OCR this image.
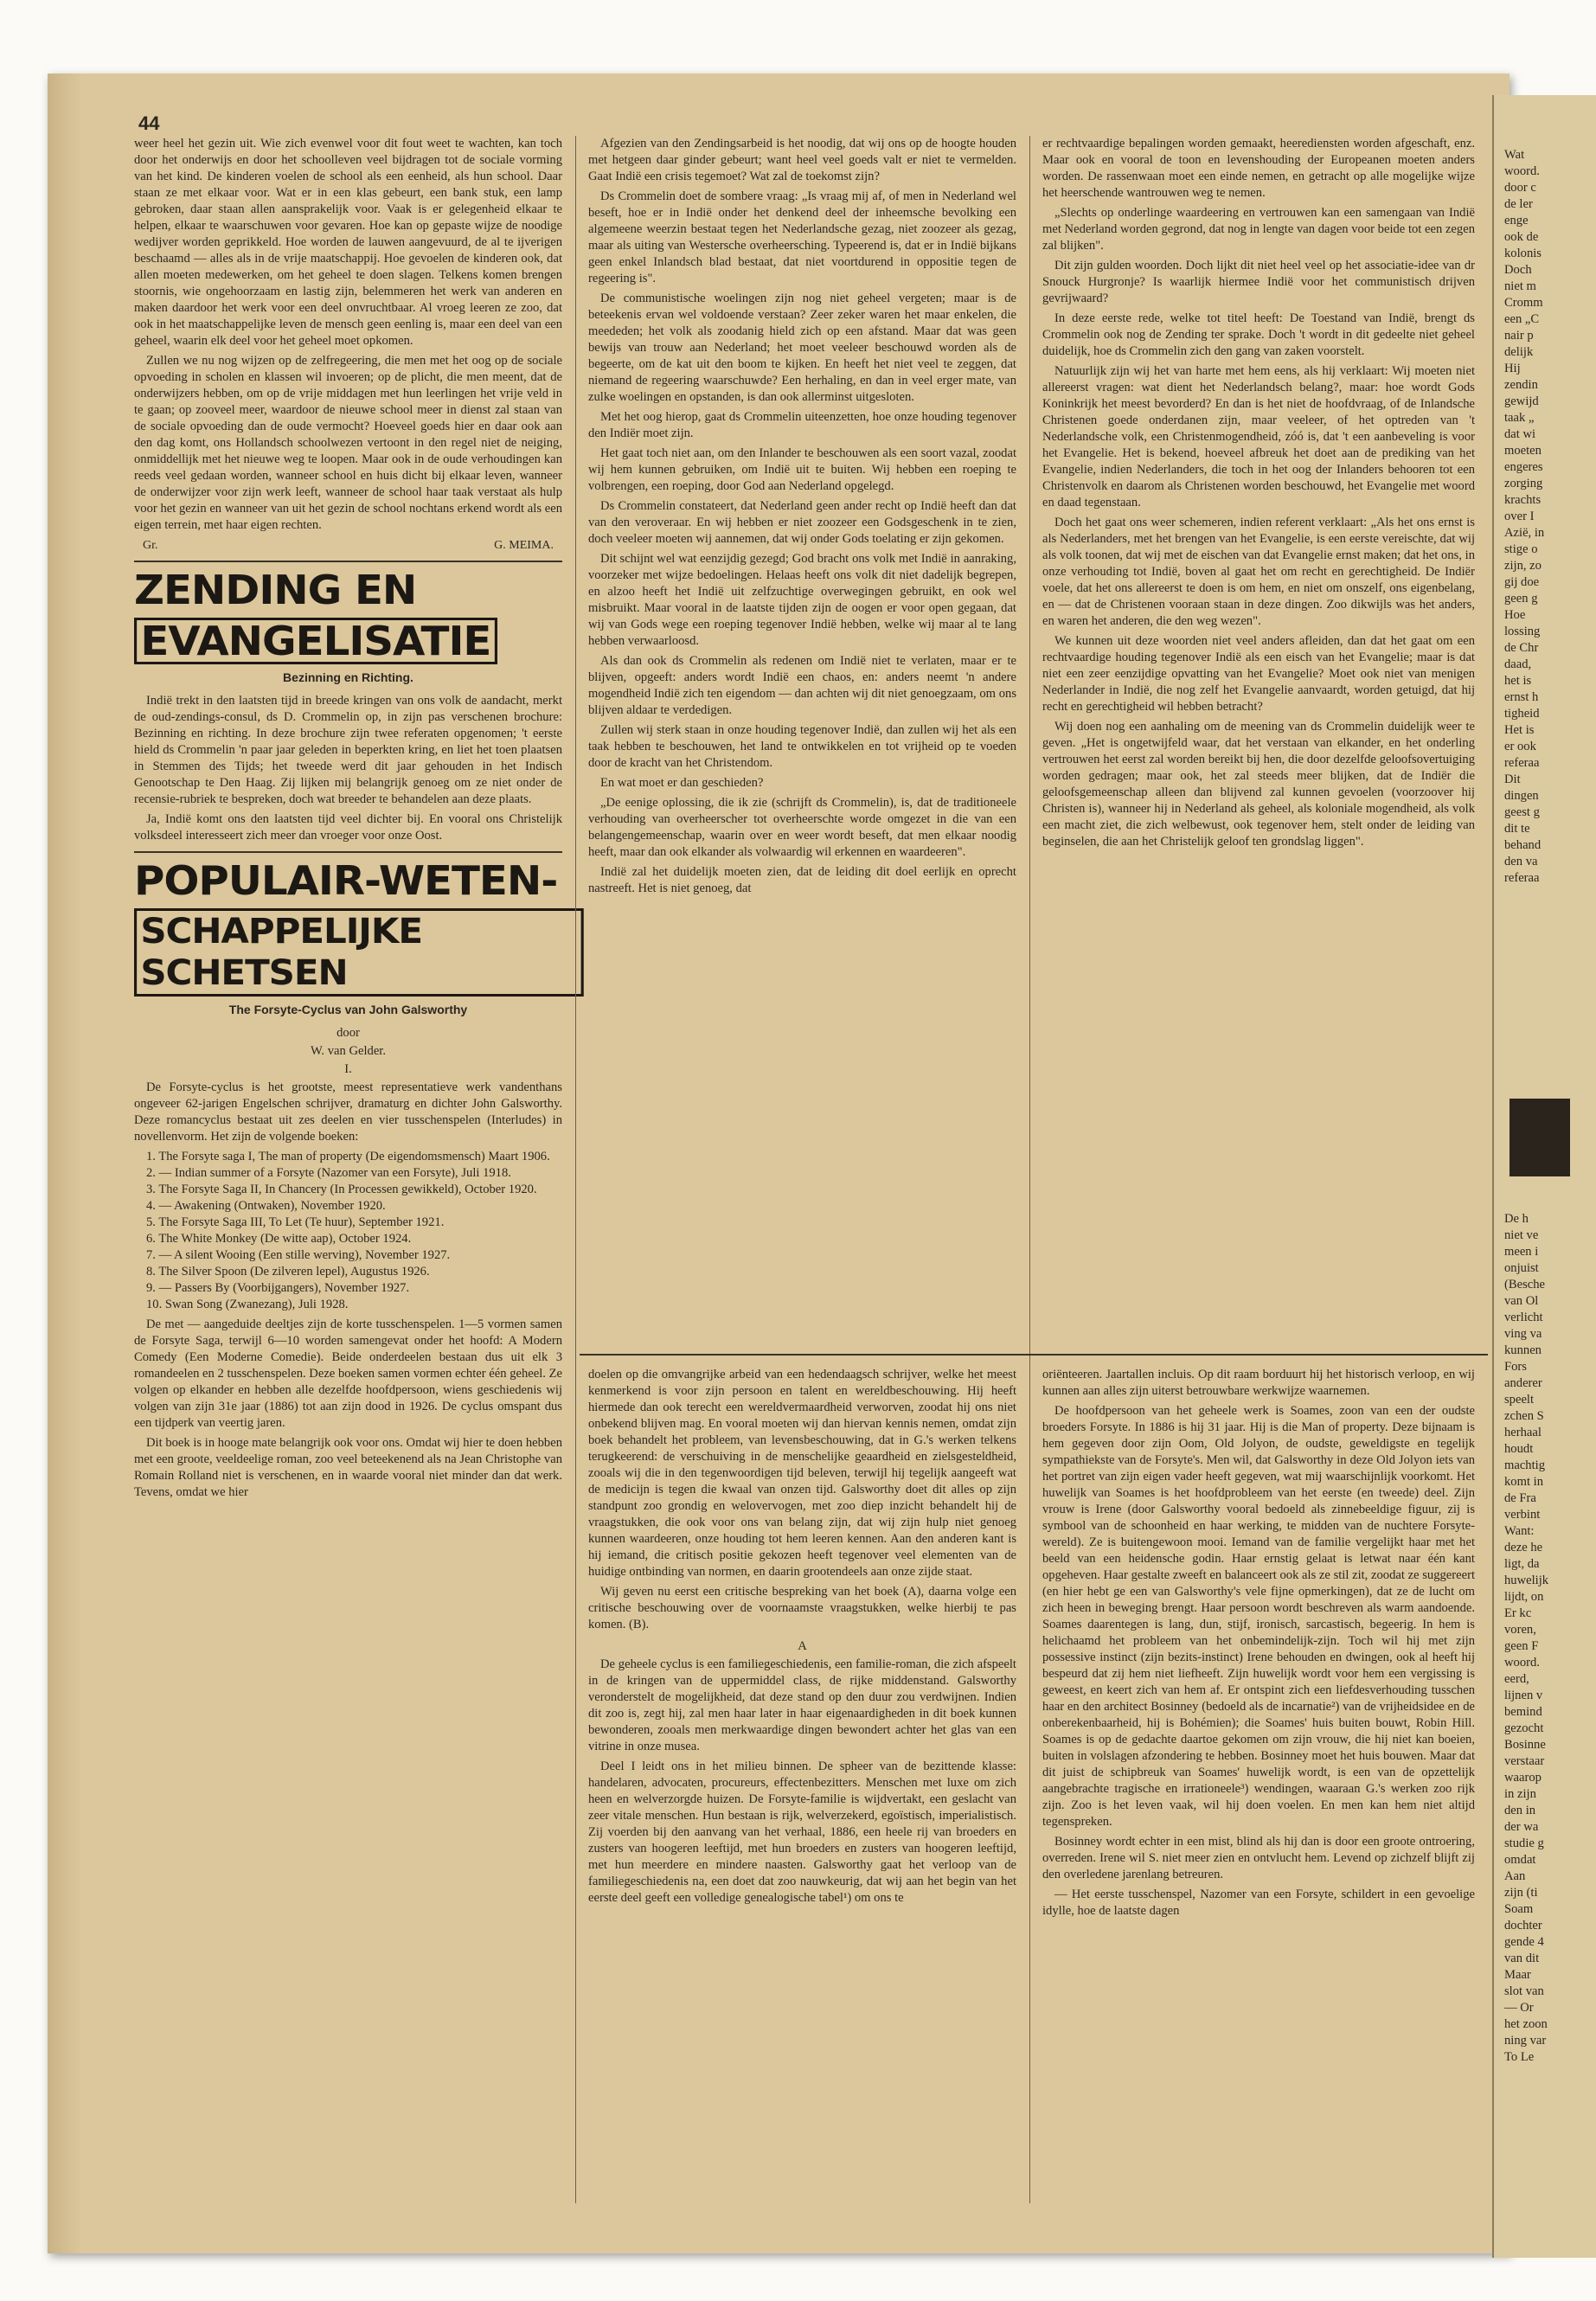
44

weer heel het gezin uit. Wie zich evenwel voor dit fout weet te wachten, kan toch door het onderwijs en door het schoolleven veel bijdragen tot de sociale vorming van het kind. De kinderen voelen de school als een eenheid, als hun school. Daar staan ze met elkaar voor. Wat er in een klas gebeurt, een bank stuk, een lamp gebroken, daar staan allen aansprakelijk voor. Vaak is er gelegenheid elkaar te helpen, elkaar te waarschuwen voor gevaren. Hoe kan op gepaste wijze de noodige wedijver worden geprikkeld. Hoe worden de lauwen aangevuurd, de al te ijverigen beschaamd — alles als in de vrije maatschappij. Hoe gevoelen de kinderen ook, dat allen moeten medewerken, om het geheel te doen slagen. Telkens komen brengen stoornis, wie ongehoorzaam en lastig zijn, belemmeren het werk van anderen en maken daardoor het werk voor een deel onvruchtbaar. Al vroeg leeren ze zoo, dat ook in het maatschappelijke leven de mensch geen eenling is, maar een deel van een geheel, waarin elk deel voor het geheel moet opkomen.

Zullen we nu nog wijzen op de zelfregeering, die men met het oog op de sociale opvoeding in scholen en klassen wil invoeren; op de plicht, die men meent, dat de onderwijzers hebben, om op de vrije middagen met hun leerlingen het vrije veld in te gaan; op zooveel meer, waardoor de nieuwe school meer in dienst zal staan van de sociale opvoeding dan de oude vermocht? Hoeveel goeds hier en daar ook aan den dag komt, ons Hollandsch schoolwezen vertoont in den regel niet de neiging, onmiddellijk met het nieuwe weg te loopen. Maar ook in de oude verhoudingen kan reeds veel gedaan worden, wanneer school en huis dicht bij elkaar leven, wanneer de onderwijzer voor zijn werk leeft, wanneer de school haar taak verstaat als hulp voor het gezin en wanneer van uit het gezin de school nochtans erkend wordt als een eigen terrein, met haar eigen rechten.

Gr.	G. MEIMA.
ZENDING EN
EVANGELISATIE
Bezinning en Richting.

Indië trekt in den laatsten tijd in breede kringen van ons volk de aandacht, merkt de oud-zendings-consul, ds D. Crommelin op, in zijn pas verschenen brochure: Bezinning en richting. In deze brochure zijn twee referaten opgenomen; 't eerste hield ds Crommelin 'n paar jaar geleden in beperkten kring, en liet het toen plaatsen in Stemmen des Tijds; het tweede werd dit jaar gehouden in het Indisch Genootschap te Den Haag. Zij lijken mij belangrijk genoeg om ze niet onder de recensie-rubriek te bespreken, doch wat breeder te behandelen aan deze plaats.

Ja, Indië komt ons den laatsten tijd veel dichter bij. En vooral ons Christelijk volksdeel interesseert zich meer dan vroeger voor onze Oost.

POPULAIR-WETEN-
SCHAPPELIJKE SCHETSEN
The Forsyte-Cyclus van John Galsworthy
door
W. van Gelder.
I.

De Forsyte-cyclus is het grootste, meest representatieve werk vandenthans ongeveer 62-jarigen Engelschen schrijver, dramaturg en dichter John Galsworthy. Deze romancyclus bestaat uit zes deelen en vier tusschenspelen (Interludes) in novellenvorm. Het zijn de volgende boeken:

1. The Forsyte saga I, The man of property (De eigendomsmensch) Maart 1906.
2. — Indian summer of a Forsyte (Nazomer van een Forsyte), Juli 1918.
3. The Forsyte Saga II, In Chancery (In Processen gewikkeld), October 1920.
4. — Awakening (Ontwaken), November 1920.
5. The Forsyte Saga III, To Let (Te huur), September 1921.
6. The White Monkey (De witte aap), October 1924.
7. — A silent Wooing (Een stille werving), November 1927.
8. The Silver Spoon (De zilveren lepel), Augustus 1926.
9. — Passers By (Voorbijgangers), November 1927.
10. Swan Song (Zwanezang), Juli 1928.

De met — aangeduide deeltjes zijn de korte tusschenspelen. 1—5 vormen samen de Forsyte Saga, terwijl 6—10 worden samengevat onder het hoofd: A Modern Comedy (Een Moderne Comedie). Beide onderdeelen bestaan dus uit elk 3 romandeelen en 2 tusschenspelen. Deze boeken samen vormen echter één geheel. Ze volgen op elkander en hebben alle dezelfde hoofdpersoon, wiens geschiedenis wij volgen van zijn 31e jaar (1886) tot aan zijn dood in 1926. De cyclus omspant dus een tijdperk van veertig jaren.

Dit boek is in hooge mate belangrijk ook voor ons. Omdat wij hier te doen hebben met een groote, veeldeelige roman, zoo veel beteekenend als na Jean Christophe van Romain Rolland niet is verschenen, en in waarde vooral niet minder dan dat werk. Tevens, omdat we hier

Afgezien van den Zendingsarbeid is het noodig, dat wij ons op de hoogte houden met hetgeen daar ginder gebeurt; want heel veel goeds valt er niet te vermelden. Gaat Indië een crisis tegemoet? Wat zal de toekomst zijn?

Ds Crommelin doet de sombere vraag: „Is vraag mij af, of men in Nederland wel beseft, hoe er in Indië onder het denkend deel der inheemsche bevolking een algemeene weerzin bestaat tegen het Nederlandsche gezag, niet zoozeer als gezag, maar als uiting van Westersche overheersching. Typeerend is, dat er in Indië bijkans geen enkel Inlandsch blad bestaat, dat niet voortdurend in oppositie tegen de regeering is".

De communistische woelingen zijn nog niet geheel vergeten; maar is de beteekenis ervan wel voldoende verstaan? Zeer zeker waren het maar enkelen, die meededen; het volk als zoodanig hield zich op een afstand. Maar dat was geen bewijs van trouw aan Nederland; het moet veeleer beschouwd worden als de begeerte, om de kat uit den boom te kijken. En heeft het niet veel te zeggen, dat niemand de regeering waarschuwde? Een herhaling, en dan in veel erger mate, van zulke woelingen en opstanden, is dan ook allerminst uitgesloten.

Met het oog hierop, gaat ds Crommelin uiteenzetten, hoe onze houding tegenover den Indiër moet zijn.

Het gaat toch niet aan, om den Inlander te beschouwen als een soort vazal, zoodat wij hem kunnen gebruiken, om Indië uit te buiten. Wij hebben een roeping te volbrengen, een roeping, door God aan Nederland opgelegd.

Ds Crommelin constateert, dat Nederland geen ander recht op Indië heeft dan dat van den veroveraar. En wij hebben er niet zoozeer een Godsgeschenk in te zien, doch veeleer moeten wij aannemen, dat wij onder Gods toelating er zijn gekomen.

Dit schijnt wel wat eenzijdig gezegd; God bracht ons volk met Indië in aanraking, voorzeker met wijze bedoelingen. Helaas heeft ons volk dit niet dadelijk begrepen, en alzoo heeft het Indië uit zelfzuchtige overwegingen gebruikt, en ook wel misbruikt. Maar vooral in de laatste tijden zijn de oogen er voor open gegaan, dat wij van Gods wege een roeping tegenover Indië hebben, welke wij maar al te lang hebben verwaarloosd.

Als dan ook ds Crommelin als redenen om Indië niet te verlaten, maar er te blijven, opgeeft: anders wordt Indië een chaos, en: anders neemt 'n andere mogendheid Indië zich ten eigendom — dan achten wij dit niet genoegzaam, om ons blijven aldaar te verdedigen.

Zullen wij sterk staan in onze houding tegenover Indië, dan zullen wij het als een taak hebben te beschouwen, het land te ontwikkelen en tot vrijheid op te voeden door de kracht van het Christendom.

En wat moet er dan geschieden?

„De eenige oplossing, die ik zie (schrijft ds Crommelin), is, dat de traditioneele verhouding van overheerscher tot overheerschte worde omgezet in die van een belangengemeenschap, waarin over en weer wordt beseft, dat men elkaar noodig heeft, maar dan ook elkander als volwaardig wil erkennen en waardeeren".

Indië zal het duidelijk moeten zien, dat de leiding dit doel eerlijk en oprecht nastreeft. Het is niet genoeg, dat

er rechtvaardige bepalingen worden gemaakt, heerediensten worden afgeschaft, enz. Maar ook en vooral de toon en levenshouding der Europeanen moeten anders worden. De rassenwaan moet een einde nemen, en getracht op alle mogelijke wijze het heerschende wantrouwen weg te nemen.

„Slechts op onderlinge waardeering en vertrouwen kan een samengaan van Indië met Nederland worden gegrond, dat nog in lengte van dagen voor beide tot een zegen zal blijken".

Dit zijn gulden woorden. Doch lijkt dit niet heel veel op het associatie-idee van dr Snouck Hurgronje? Is waarlijk hiermee Indië voor het communistisch drijven gevrijwaard?

In deze eerste rede, welke tot titel heeft: De Toestand van Indië, brengt ds Crommelin ook nog de Zending ter sprake. Doch 't wordt in dit gedeelte niet geheel duidelijk, hoe ds Crommelin zich den gang van zaken voorstelt.

Natuurlijk zijn wij het van harte met hem eens, als hij verklaart: Wij moeten niet allereerst vragen: wat dient het Nederlandsch belang?, maar: hoe wordt Gods Koninkrijk het meest bevorderd? En dan is het niet de hoofdvraag, of de Inlandsche Christenen goede onderdanen zijn, maar veeleer, of het optreden van 't Nederlandsche volk, een Christenmogendheid, zóó is, dat 't een aanbeveling is voor het Evangelie. Het is bekend, hoeveel afbreuk het doet aan de prediking van het Evangelie, indien Nederlanders, die toch in het oog der Inlanders behooren tot een Christenvolk en daarom als Christenen worden beschouwd, het Evangelie met woord en daad tegenstaan.

Doch het gaat ons weer schemeren, indien referent verklaart: „Als het ons ernst is als Nederlanders, met het brengen van het Evangelie, is een eerste vereischte, dat wij als volk toonen, dat wij met de eischen van dat Evangelie ernst maken; dat het ons, in onze verhouding tot Indië, boven al gaat het om recht en gerechtigheid. De Indiër voele, dat het ons allereerst te doen is om hem, en niet om onszelf, ons eigenbelang, en — dat de Christenen vooraan staan in deze dingen. Zoo dikwijls was het anders, en waren het anderen, die den weg wezen".

We kunnen uit deze woorden niet veel anders afleiden, dan dat het gaat om een rechtvaardige houding tegenover Indië als een eisch van het Evangelie; maar is dat niet een zeer eenzijdige opvatting van het Evangelie? Moet ook niet van menigen Nederlander in Indië, die nog zelf het Evangelie aanvaardt, worden getuigd, dat hij recht en gerechtigheid wil hebben betracht?

Wij doen nog een aanhaling om de meening van ds Crommelin duidelijk weer te geven. „Het is ongetwijfeld waar, dat het verstaan van elkander, en het onderling vertrouwen het eerst zal worden bereikt bij hen, die door dezelfde geloofsovertuiging worden gedragen; maar ook, het zal steeds meer blijken, dat de Indiër die geloofsgemeenschap alleen dan blijvend zal kunnen gevoelen (voorzoover hij Christen is), wanneer hij in Nederland als geheel, als koloniale mogendheid, als volk een macht ziet, die zich welbewust, ook tegenover hem, stelt onder de leiding van beginselen, die aan het Christelijk geloof ten grondslag liggen".

doelen op die omvangrijke arbeid van een hedendaagsch schrijver, welke het meest kenmerkend is voor zijn persoon en talent en wereldbeschouwing. Hij heeft hiermede dan ook terecht een wereldvermaardheid verworven, zoodat hij ons niet onbekend blijven mag. En vooral moeten wij dan hiervan kennis nemen, omdat zijn boek behandelt het probleem, van levensbeschouwing, dat in G.'s werken telkens terugkeerend: de verschuiving in de menschelijke geaardheid en zielsgesteldheid, zooals wij die in den tegenwoordigen tijd beleven, terwijl hij tegelijk aangeeft wat de medicijn is tegen die kwaal van onzen tijd. Galsworthy doet dit alles op zijn standpunt zoo grondig en welovervogen, met zoo diep inzicht behandelt hij de vraagstukken, die ook voor ons van belang zijn, dat wij zijn hulp niet genoeg kunnen waardeeren, onze houding tot hem leeren kennen. Aan den anderen kant is hij iemand, die critisch positie gekozen heeft tegenover veel elementen van de huidige ontbinding van normen, en daarin grootendeels aan onze zijde staat.

Wij geven nu eerst een critische bespreking van het boek (A), daarna volge een critische beschouwing over de voornaamste vraagstukken, welke hierbij te pas komen. (B).

A

De geheele cyclus is een familiegeschiedenis, een familie-roman, die zich afspeelt in de kringen van de uppermiddel class, de rijke middenstand. Galsworthy veronderstelt de mogelijkheid, dat deze stand op den duur zou verdwijnen. Indien dit zoo is, zegt hij, zal men haar later in haar eigenaardigheden in dit boek kunnen bewonderen, zooals men merkwaardige dingen bewondert achter het glas van een vitrine in onze musea.

Deel I leidt ons in het milieu binnen. De spheer van de bezittende klasse: handelaren, advocaten, procureurs, effectenbezitters. Menschen met luxe om zich heen en welverzorgde huizen. De Forsyte-familie is wijdvertakt, een geslacht van zeer vitale menschen. Hun bestaan is rijk, welverzekerd, egoïstisch, imperialistisch. Zij voerden bij den aanvang van het verhaal, 1886, een heele rij van broeders en zusters van hoogeren leeftijd, met hun broeders en zusters van hoogeren leeftijd, met hun meerdere en mindere naasten. Galsworthy gaat het verloop van de familiegeschiedenis na, een doet dat zoo nauwkeurig, dat wij aan het begin van het eerste deel geeft een volledige genealogische tabel¹) om ons te

oriënteeren. Jaartallen incluis. Op dit raam borduurt hij het historisch verloop, en wij kunnen aan alles zijn uiterst betrouwbare werkwijze waarnemen.

De hoofdpersoon van het geheele werk is Soames, zoon van een der oudste broeders Forsyte. In 1886 is hij 31 jaar. Hij is die Man of property. Deze bijnaam is hem gegeven door zijn Oom, Old Jolyon, de oudste, geweldigste en tegelijk sympathiekste van de Forsyte's. Men wil, dat Galsworthy in deze Old Jolyon iets van het portret van zijn eigen vader heeft gegeven, wat mij waarschijnlijk voorkomt. Het huwelijk van Soames is het hoofdprobleem van het eerste (en tweede) deel. Zijn vrouw is Irene (door Galsworthy vooral bedoeld als zinnebeeldige figuur, zij is symbool van de schoonheid en haar werking, te midden van de nuchtere Forsyte-wereld). Ze is buitengewoon mooi. Iemand van de familie vergelijkt haar met het beeld van een heidensche godin. Haar ernstig gelaat is letwat naar één kant opgeheven. Haar gestalte zweeft en balanceert ook als ze stil zit, zoodat ze suggereert (en hier hebt ge een van Galsworthy's vele fijne opmerkingen), dat ze de lucht om zich heen in beweging brengt. Haar persoon wordt beschreven als warm aandoende. Soames daarentegen is lang, dun, stijf, ironisch, sarcastisch, begeerig. In hem is helichaamd het probleem van het onbemindelijk-zijn. Toch wil hij met zijn possessive instinct (zijn bezits-instinct) Irene behouden en dwingen, ook al heeft hij bespeurd dat zij hem niet liefheeft. Zijn huwelijk wordt voor hem een vergissing is geweest, en keert zich van hem af. Er ontspint zich een liefdesverhouding tusschen haar en den architect Bosinney (bedoeld als de incarnatie²) van de vrijheidsidee en de onberekenbaarheid, hij is Bohémien); die Soames' huis buiten bouwt, Robin Hill. Soames is op de gedachte daartoe gekomen om zijn vrouw, die hij niet kan boeien, buiten in volslagen afzondering te hebben. Bosinney moet het huis bouwen. Maar dat dit juist de schipbreuk van Soames' huwelijk wordt, is een van de opzettelijk aangebrachte tragische en irrationeele³) wendingen, waaraan G.'s werken zoo rijk zijn. Zoo is het leven vaak, wil hij doen voelen. En men kan hem niet altijd tegenspreken.

Bosinney wordt echter in een mist, blind als hij dan is door een groote ontroering, overreden. Irene wil S. niet meer zien en ontvlucht hem. Levend op zichzelf blijft zij den overledene jarenlang betreuren.

— Het eerste tusschenspel, Nazomer van een Forsyte, schildert in een gevoelige idylle, hoe de laatste dagen

Wat
woord.
door c
de ler
enge
ook de
kolonis
Doch
niet m
Cromm
een „C
nair p
delijk
Hij
zendin
gewijd
taak „
dat wi
moeten
engeres
zorging
krachts
over I
Azië, in
stige o
zijn, zo
gij doe
geen g
Hoe
lossing
de Chr
daad,
het is
ernst h
tigheid
Het is
er ook
referaa
Dit
dingen
geest g
dit te
behand
den va
referaa
De h
niet ve
meen i
onjuist
(Besche
van Ol
verlicht
ving va
kunnen
Fors
anderer
speelt
zchen S
herhaal
houdt
machtig
komt in
de Fra
verbint
Want:
deze he
ligt, da
huwelijk
lijdt, on
Er kc
voren,
geen F
woord.
eerd,
lijnen v
bemind
gezocht
Bosinne
verstaar
waarop
in zijn
den in
der wa
studie g
omdat
Aan
zijn (ti
Soam
dochter
gende 4
van dit
Maar
slot van
— Or
het zoon
ning var
To Le
